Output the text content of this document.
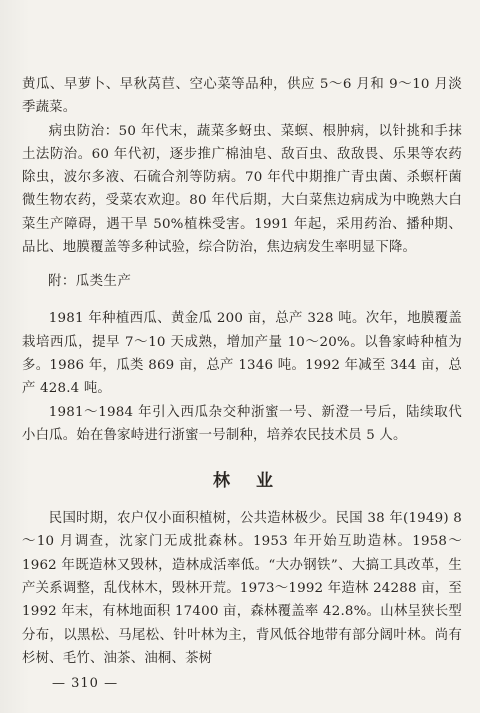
黄瓜、早萝卜、早秋莴苣、空心菜等品种，供应 5～6 月和 9～10 月淡季蔬菜。

病虫防治：50 年代末，蔬菜多蚜虫、菜螟、根肿病，以针挑和手抹土法防治。60 年代初，逐步推广棉油皂、敌百虫、敌敌畏、乐果等农药除虫，波尔多液、石硫合剂等防病。70 年代中期推广青虫菌、杀螟杆菌微生物农药，受菜农欢迎。80 年代后期，大白菜焦边病成为中晚熟大白菜生产障碍，遇干旱 50%植株受害。1991 年起，采用药治、播种期、品比、地膜覆盖等多种试验，综合防治，焦边病发生率明显下降。

附：瓜类生产

1981 年种植西瓜、黄金瓜 200 亩，总产 328 吨。次年，地膜覆盖栽培西瓜，提早 7～10 天成熟，增加产量 10～20%。以鲁家峙种植为多。1986 年，瓜类 869 亩，总产 1346 吨。1992 年减至 344 亩，总产 428.4 吨。

1981～1984 年引入西瓜杂交种浙蜜一号、新澄一号后，陆续取代小白瓜。始在鲁家峙进行浙蜜一号制种，培养农民技术员 5 人。

林业

民国时期，农户仅小面积植树，公共造林极少。民国 38 年(1949) 8～10 月调查，沈家门无成批森林。1953 年开始互助造林。1958～1962 年既造林又毁林，造林成活率低。“大办钢铁”、大搞工具改革，生产关系调整，乱伐林木，毁林开荒。1973～1992 年造林 24288 亩，至 1992 年末，有林地面积 17400 亩，森林覆盖率 42.8%。山林呈狭长型分布，以黑松、马尾松、针叶林为主，背风低谷地带有部分阔叶林。尚有杉树、毛竹、油茶、油桐、茶树

— 310 —
